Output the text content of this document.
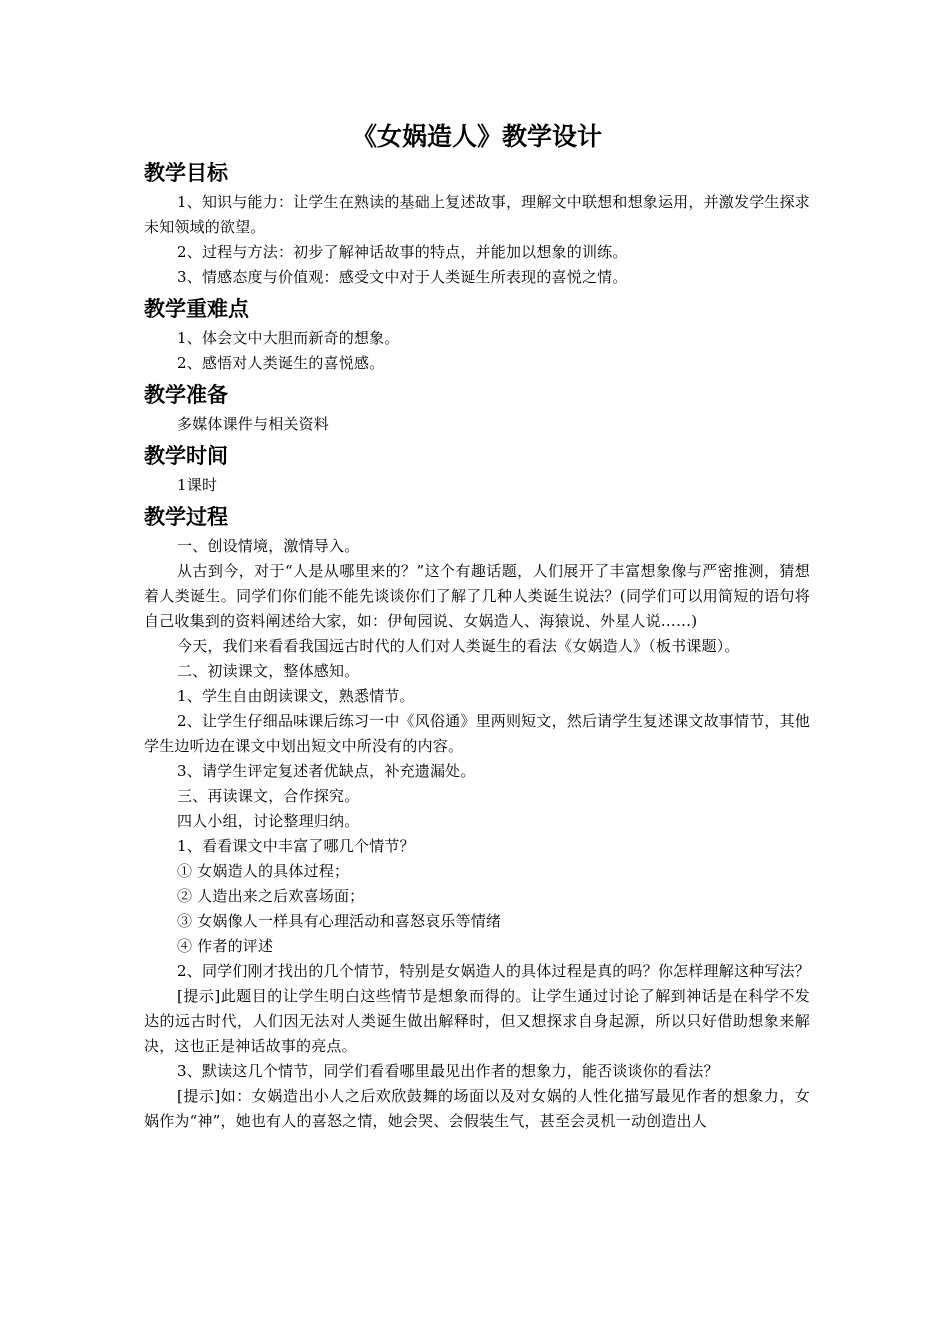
《女娲造人》教学设计
教学目标

1、知识与能力：让学生在熟读的基础上复述故事，理解文中联想和想象运用，并激发学生探求未知领域的欲望。

2、过程与方法：初步了解神话故事的特点，并能加以想象的训练。

3、情感态度与价值观：感受文中对于人类诞生所表现的喜悦之情。

教学重难点

1、体会文中大胆而新奇的想象。

2、感悟对人类诞生的喜悦感。

教学准备

多媒体课件与相关资料

教学时间

1课时

教学过程

一、创设情境，激情导入。

从古到今，对于“人是从哪里来的？”这个有趣话题，人们展开了丰富想象像与严密推测，猜想着人类诞生。同学们你们能不能先谈谈你们了解了几种人类诞生说法？(同学们可以用简短的语句将自己收集到的资料阐述给大家，如：伊甸园说、女娲造人、海猿说、外星人说……)

今天，我们来看看我国远古时代的人们对人类诞生的看法《女娲造人》（板书课题）。

二、初读课文，整体感知。

1、学生自由朗读课文，熟悉情节。

2、让学生仔细品味课后练习一中《风俗通》里两则短文，然后请学生复述课文故事情节，其他学生边听边在课文中划出短文中所没有的内容。

3、请学生评定复述者优缺点，补充遗漏处。

三、再读课文，合作探究。

四人小组，讨论整理归纳。

1、看看课文中丰富了哪几个情节？

① 女娲造人的具体过程；

② 人造出来之后欢喜场面；

③ 女娲像人一样具有心理活动和喜怒哀乐等情绪

④ 作者的评述

2、同学们刚才找出的几个情节，特别是女娲造人的具体过程是真的吗？你怎样理解这种写法？

[提示]此题目的让学生明白这些情节是想象而得的。让学生通过讨论了解到神话是在科学不发达的远古时代，人们因无法对人类诞生做出解释时，但又想探求自身起源，所以只好借助想象来解决，这也正是神话故事的亮点。

3、默读这几个情节，同学们看看哪里最见出作者的想象力，能否谈谈你的看法？

[提示]如：女娲造出小人之后欢欣鼓舞的场面以及对女娲的人性化描写最见作者的想象力，女娲作为“神”，她也有人的喜怒之情，她会哭、会假装生气，甚至会灵机一动创造出人
